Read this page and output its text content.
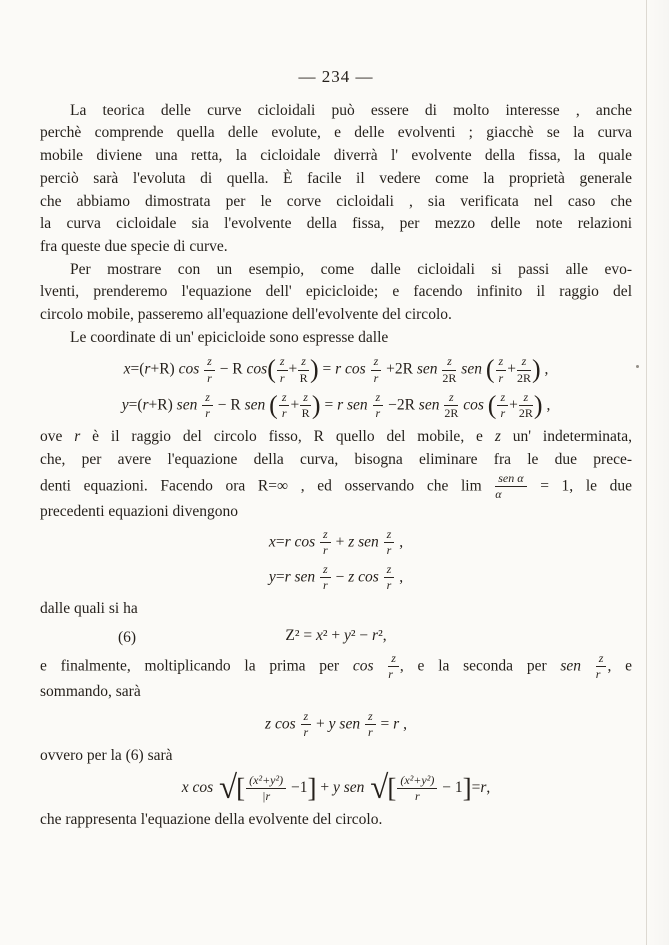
— 234 —
La teorica delle curve cicloidali può essere di molto interesse , anche
perchè comprende quella delle evolute, e delle evolventi ; giacchè se la curva
mobile diviene una retta, la cicloidale diverrà l' evolvente della fissa, la quale
perciò sarà l'evoluta di quella. È facile il vedere come la proprietà generale
che abbiamo dimostrata per le corve cicloidali , sia verificata nel caso che
la curva cicloidale sia l'evolvente della fissa, per mezzo delle note relazioni
fra queste due specie di curve.
Per mostrare con un esempio, come dalle cicloidali si passi alle evo-
lventi, prenderemo l'equazione dell' epicicloide; e facendo infinito il raggio del
circolo mobile, passeremo all'equazione dell'evolvente del circolo.
Le coordinate di un' epicicloide sono espresse dalle
x=(r+R) $\cos \frac{z}{r} - R$ $\cos( \frac{z}{r} + \frac{z}{R}$ ) = r $\cos \frac{z}{r} +2R$ sen $\frac{z}{2R}$ sen ( $\frac{z}{r} + \frac{z}{2R}$ ) ,
y=(r+R) sen $\frac{z}{r} - R$ sen ( $\frac{z}{r} + \frac{z}{R}$ ) = r sen $\frac{z}{r} -2R$ sen $\frac{z}{2R}$ cos ( $\frac{z}{r} + \frac{z}{2R}$ ) ,
ove r è il raggio del circolo fisso, R quello del mobile, e z un' indeterminata,
che, per avere l'equazione della curva, bisogna eliminare fra le due prece-
denti equazioni. Facendo ora R=∞ , ed osservando che $\lim \frac{\text{sen α}}{\alpha} = 1$, le due
precedenti equazioni divengono
x=r $\cos \frac{z}{r} + z$ sen $\frac{z}{r}$ ,
y=r sen $\frac{z}{r} - z$ $\cos \frac{z}{r}$ ,
dalle quali si ha
(6)	Z² = x² + y² − r²,
e finalmente, moltiplicando la prima per $\cos \frac{z}{r}$ , e la seconda per sen $\frac{z}{r}$ , e
sommando, sarà
z $\cos \frac{z}{r} + y$ sen $\frac{z}{r} = r$ ,
ovvero per la (6) sarà
x cos √[ $\frac{\text{(x²+y²)}}{|r} -1] + y$ sen √[ $\frac{\text{(x²+y²)}}{r} - 1]=r$,
che rappresenta l'equazione della evolvente del circolo.
